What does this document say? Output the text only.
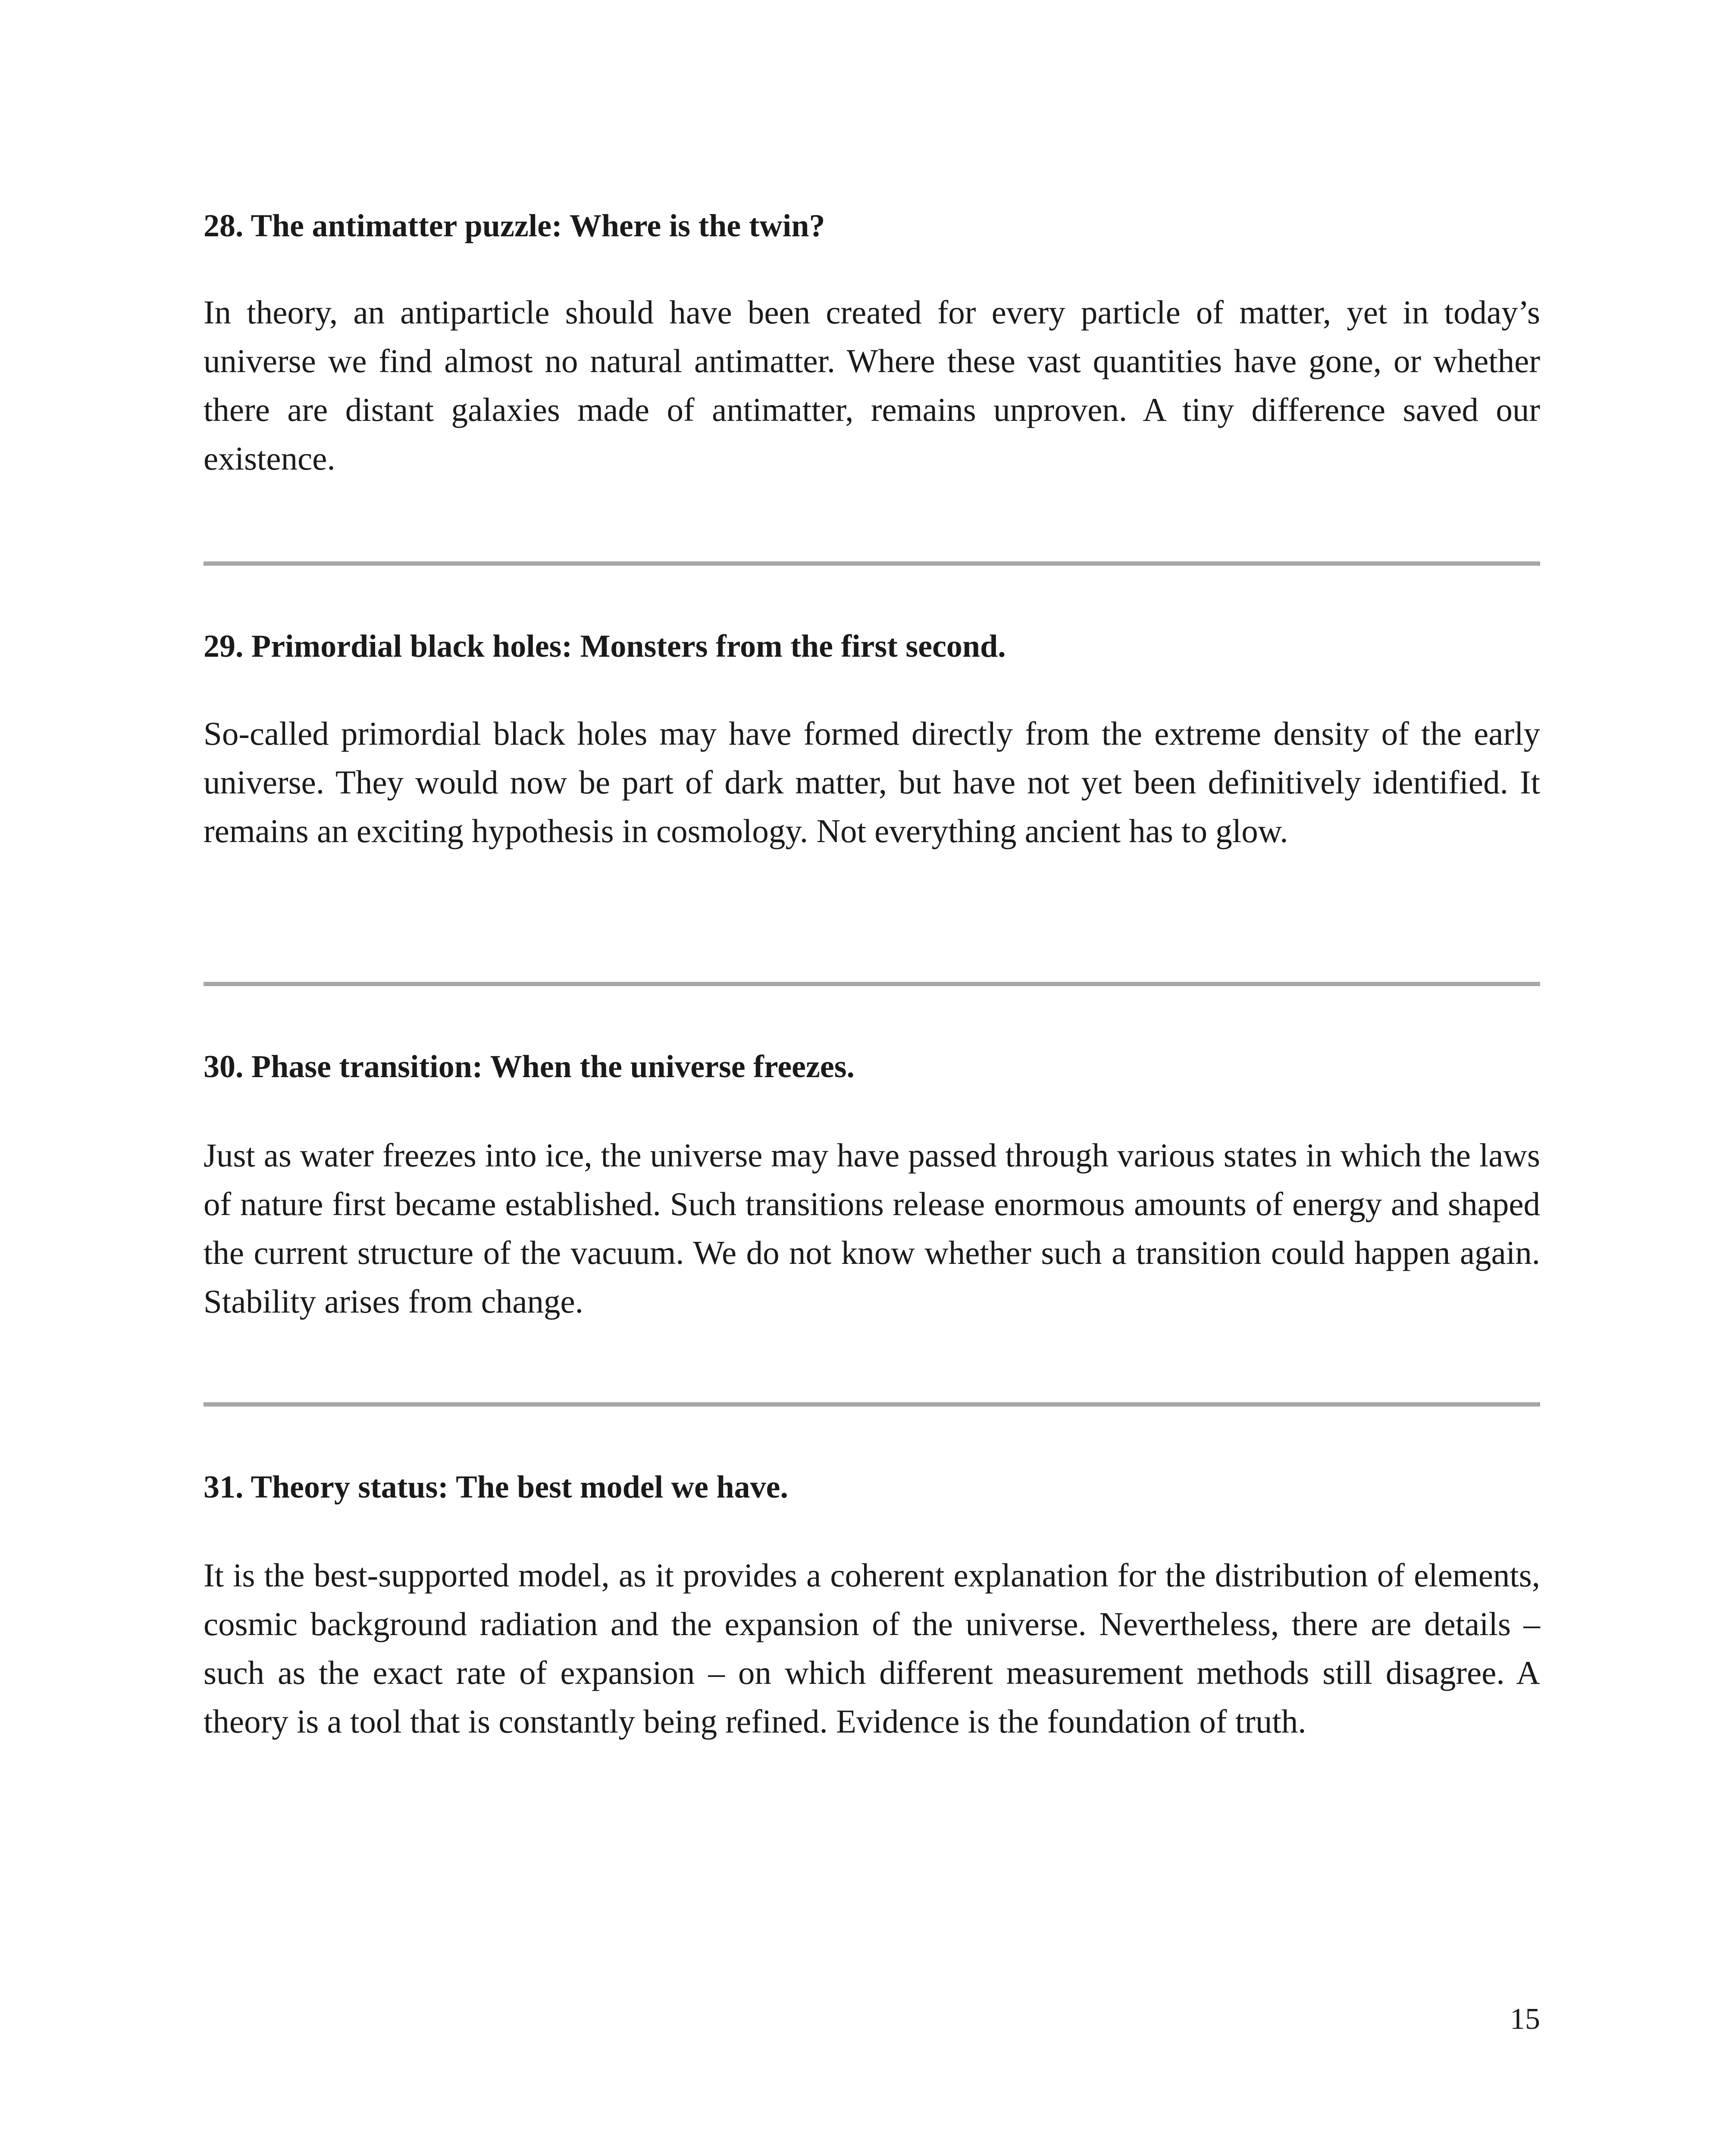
28. The antimatter puzzle: Where is the twin?

In theory, an antiparticle should have been created for every particle of matter, yet in today’s universe we find almost no natural antimatter. Where these vast quantities have gone, or whether there are distant galaxies made of antimatter, remains unproven. A tiny difference saved our existence.

29. Primordial black holes: Monsters from the first second.

So-called primordial black holes may have formed directly from the extreme density of the early universe. They would now be part of dark matter, but have not yet been definitively identified. It remains an exciting hypothesis in cosmology. Not everything ancient has to glow.

30. Phase transition: When the universe freezes.

Just as water freezes into ice, the universe may have passed through various states in which the laws of nature first became established. Such transitions release enormous amounts of energy and shaped the current structure of the vacuum. We do not know whether such a transition could happen again. Stability arises from change.

31. Theory status: The best model we have.

It is the best-supported model, as it provides a coherent explanation for the distribution of elements, cosmic background radiation and the expansion of the universe. Nevertheless, there are details – such as the exact rate of expansion – on which different measurement methods still disagree. A theory is a tool that is constantly being refined. Evidence is the foundation of truth.

15
